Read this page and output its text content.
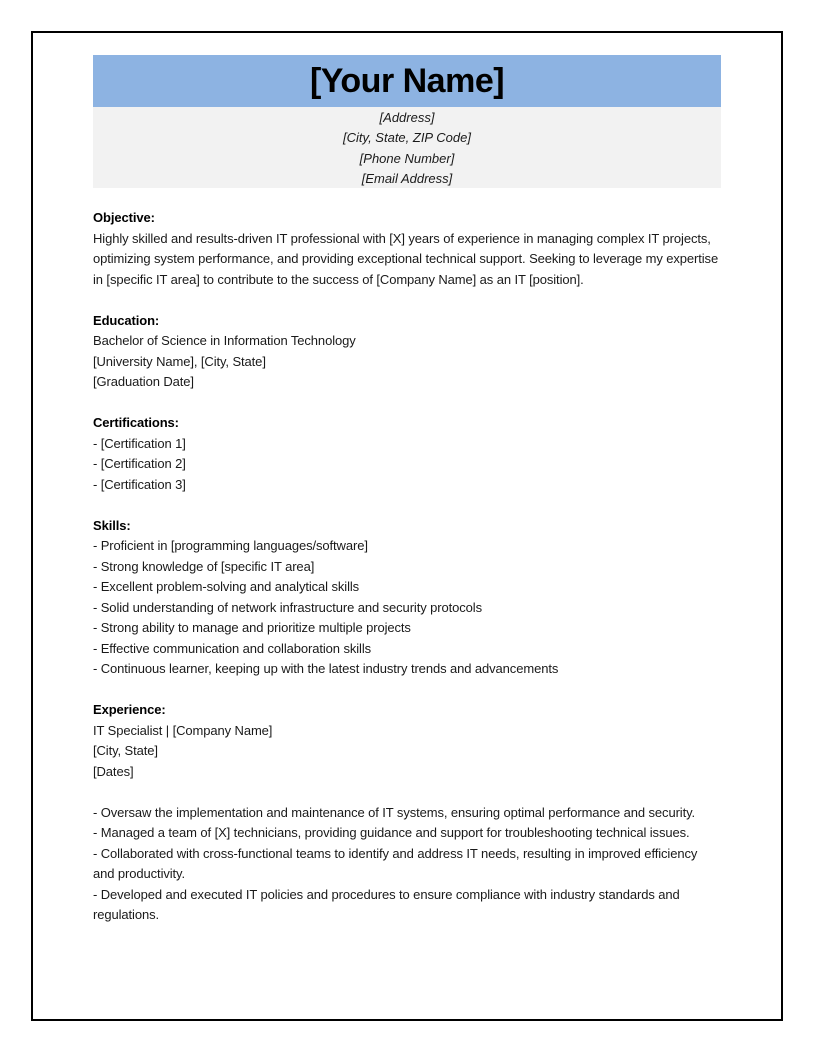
[Your Name]
[Address]
[City, State, ZIP Code]
[Phone Number]
[Email Address]
Objective:

Highly skilled and results-driven IT professional with [X] years of experience in managing complex IT projects, optimizing system performance, and providing exceptional technical support. Seeking to leverage my expertise in [specific IT area] to contribute to the success of [Company Name] as an IT [position].

Education:
Bachelor of Science in Information Technology
[University Name], [City, State]
[Graduation Date]
Certifications:
- [Certification 1]
- [Certification 2]
- [Certification 3]
Skills:
- Proficient in [programming languages/software]
- Strong knowledge of [specific IT area]
- Excellent problem-solving and analytical skills
- Solid understanding of network infrastructure and security protocols
- Strong ability to manage and prioritize multiple projects
- Effective communication and collaboration skills
- Continuous learner, keeping up with the latest industry trends and advancements
Experience:
IT Specialist | [Company Name]
[City, State]
[Dates]

- Oversaw the implementation and maintenance of IT systems, ensuring optimal performance and security.

- Managed a team of [X] technicians, providing guidance and support for troubleshooting technical issues.

- Collaborated with cross-functional teams to identify and address IT needs, resulting in improved efficiency and productivity.

- Developed and executed IT policies and procedures to ensure compliance with industry standards and regulations.
